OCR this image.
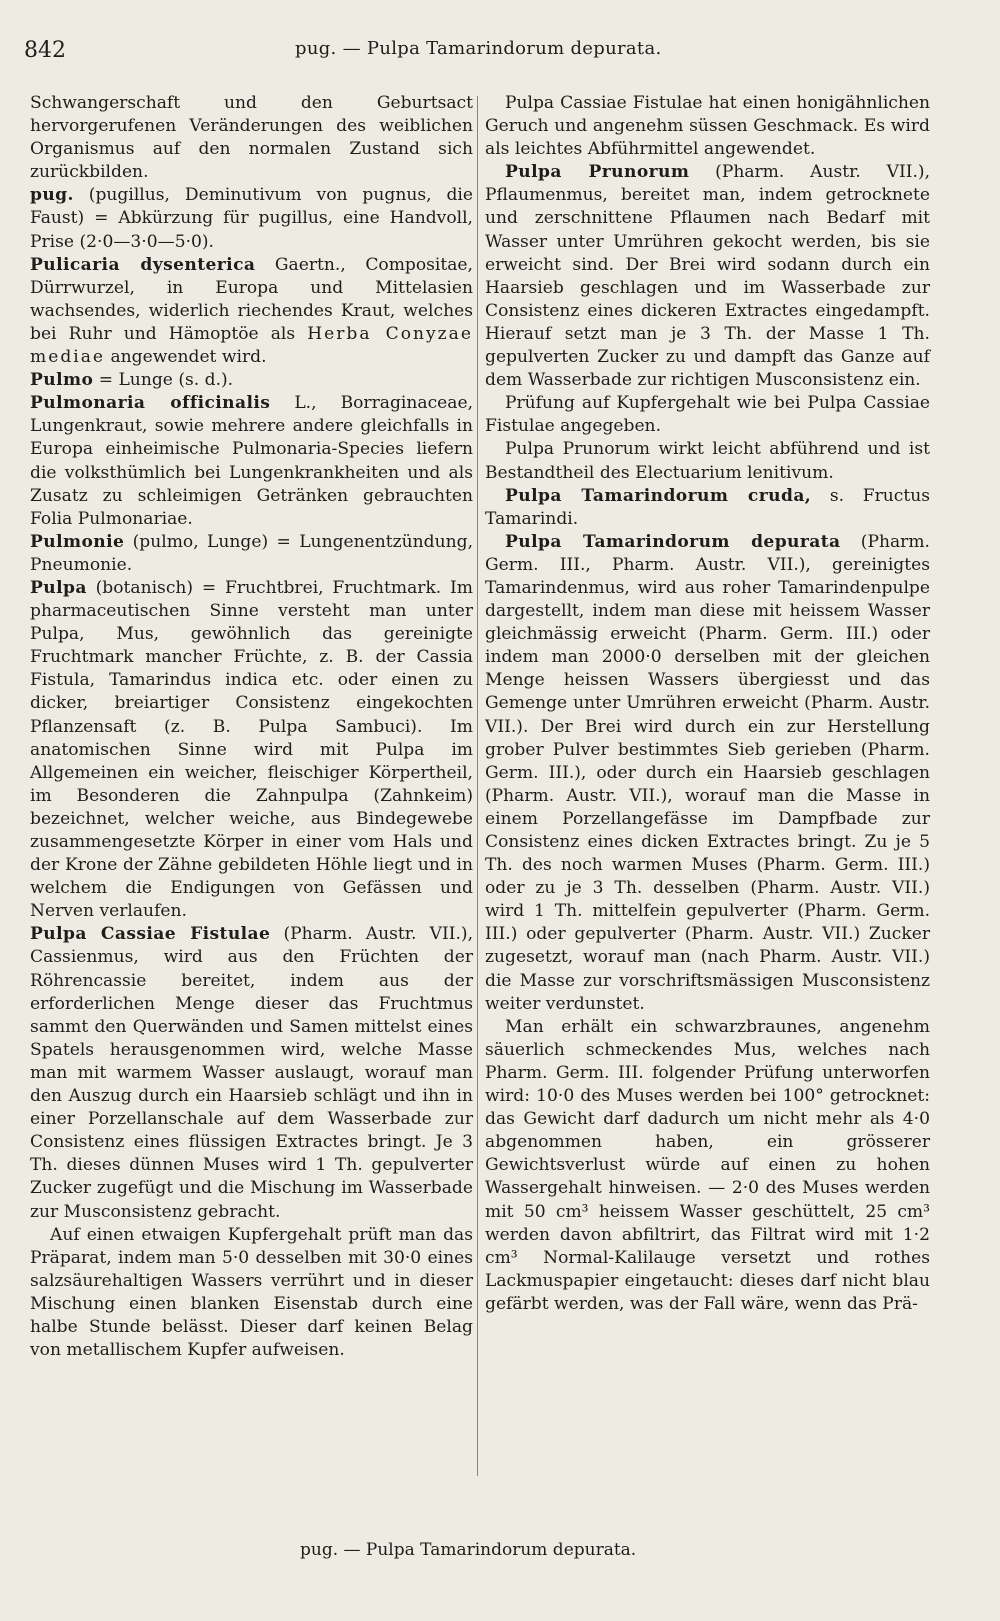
842	pug. — Pulpa Tamarindorum depurata.

Schwangerschaft und den Geburtsact hervorgerufenen Veränderungen des weiblichen Organismus auf den normalen Zustand sich zurückbilden.

pug. (pugillus, Deminutivum von pugnus, die Faust) = Abkürzung für pugillus, eine Handvoll, Prise (2·0—3·0—5·0).

Pulicaria dysenterica Gaertn., Compositae, Dürrwurzel, in Europa und Mittelasien wachsendes, widerlich riechendes Kraut, welches bei Ruhr und Hämoptöe als Herba Conyzae mediae angewendet wird.

Pulmo = Lunge (s. d.).

Pulmonaria officinalis L., Borraginaceae, Lungenkraut, sowie mehrere andere gleichfalls in Europa einheimische Pulmonaria-Species liefern die volksthümlich bei Lungenkrankheiten und als Zusatz zu schleimigen Getränken gebrauchten Folia Pulmonariae.

Pulmonie (pulmo, Lunge) = Lungenentzündung, Pneumonie.

Pulpa (botanisch) = Fruchtbrei, Fruchtmark. Im pharmaceutischen Sinne versteht man unter Pulpa, Mus, gewöhnlich das gereinigte Fruchtmark mancher Früchte, z. B. der Cassia Fistula, Tamarindus indica etc. oder einen zu dicker, breiartiger Consistenz eingekochten Pflanzensaft (z. B. Pulpa Sambuci). Im anatomischen Sinne wird mit Pulpa im Allgemeinen ein weicher, fleischiger Körpertheil, im Besonderen die Zahnpulpa (Zahnkeim) bezeichnet, welcher weiche, aus Bindegewebe zusammengesetzte Körper in einer vom Hals und der Krone der Zähne gebildeten Höhle liegt und in welchem die Endigungen von Gefässen und Nerven verlaufen.

Pulpa Cassiae Fistulae (Pharm. Austr. VII.), Cassienmus, wird aus den Früchten der Röhrencassie bereitet, indem aus der erforderlichen Menge dieser das Fruchtmus sammt den Querwänden und Samen mittelst eines Spatels herausgenommen wird, welche Masse man mit warmem Wasser auslaugt, worauf man den Auszug durch ein Haarsieb schlägt und ihn in einer Porzellanschale auf dem Wasserbade zur Consistenz eines flüssigen Extractes bringt. Je 3 Th. dieses dünnen Muses wird 1 Th. gepulverter Zucker zugefügt und die Mischung im Wasserbade zur Musconsistenz gebracht.

Auf einen etwaigen Kupfergehalt prüft man das Präparat, indem man 5·0 desselben mit 30·0 eines salzsäurehaltigen Wassers verrührt und in dieser Mischung einen blanken Eisenstab durch eine halbe Stunde belässt. Dieser darf keinen Belag von metallischem Kupfer aufweisen.

Pulpa Cassiae Fistulae hat einen honigähnlichen Geruch und angenehm süssen Geschmack. Es wird als leichtes Abführmittel angewendet.

Pulpa Prunorum (Pharm. Austr. VII.), Pflaumenmus, bereitet man, indem getrocknete und zerschnittene Pflaumen nach Bedarf mit Wasser unter Umrühren gekocht werden, bis sie erweicht sind. Der Brei wird sodann durch ein Haarsieb geschlagen und im Wasserbade zur Consistenz eines dickeren Extractes eingedampft. Hierauf setzt man je 3 Th. der Masse 1 Th. gepulverten Zucker zu und dampft das Ganze auf dem Wasserbade zur richtigen Musconsistenz ein.

Prüfung auf Kupfergehalt wie bei Pulpa Cassiae Fistulae angegeben.

Pulpa Prunorum wirkt leicht abführend und ist Bestandtheil des Electuarium lenitivum.

Pulpa Tamarindorum cruda, s. Fructus Tamarindi.

Pulpa Tamarindorum depurata (Pharm. Germ. III., Pharm. Austr. VII.), gereinigtes Tamarindenmus, wird aus roher Tamarindenpulpe dargestellt, indem man diese mit heissem Wasser gleichmässig erweicht (Pharm. Germ. III.) oder indem man 2000·0 derselben mit der gleichen Menge heissen Wassers übergiesst und das Gemenge unter Umrühren erweicht (Pharm. Austr. VII.). Der Brei wird durch ein zur Herstellung grober Pulver bestimmtes Sieb gerieben (Pharm. Germ. III.), oder durch ein Haarsieb geschlagen (Pharm. Austr. VII.), worauf man die Masse in einem Porzellangefässe im Dampfbade zur Consistenz eines dicken Extractes bringt. Zu je 5 Th. des noch warmen Muses (Pharm. Germ. III.) oder zu je 3 Th. desselben (Pharm. Austr. VII.) wird 1 Th. mittelfein gepulverter (Pharm. Germ. III.) oder gepulverter (Pharm. Austr. VII.) Zucker zugesetzt, worauf man (nach Pharm. Austr. VII.) die Masse zur vorschriftsmässigen Musconsistenz weiter verdunstet.

Man erhält ein schwarzbraunes, angenehm säuerlich schmeckendes Mus, welches nach Pharm. Germ. III. folgender Prüfung unterworfen wird: 10·0 des Muses werden bei 100° getrocknet: das Gewicht darf dadurch um nicht mehr als 4·0 abgenommen haben, ein grösserer Gewichtsverlust würde auf einen zu hohen Wassergehalt hinweisen. — 2·0 des Muses werden mit 50 cm³ heissem Wasser geschüttelt, 25 cm³ werden davon abfiltrirt, das Filtrat wird mit 1·2 cm³ Normal-Kalilauge versetzt und rothes Lackmuspapier eingetaucht: dieses darf nicht blau gefärbt werden, was der Fall wäre, wenn das Prä-

pug. — Pulpa Tamarindorum depurata.
